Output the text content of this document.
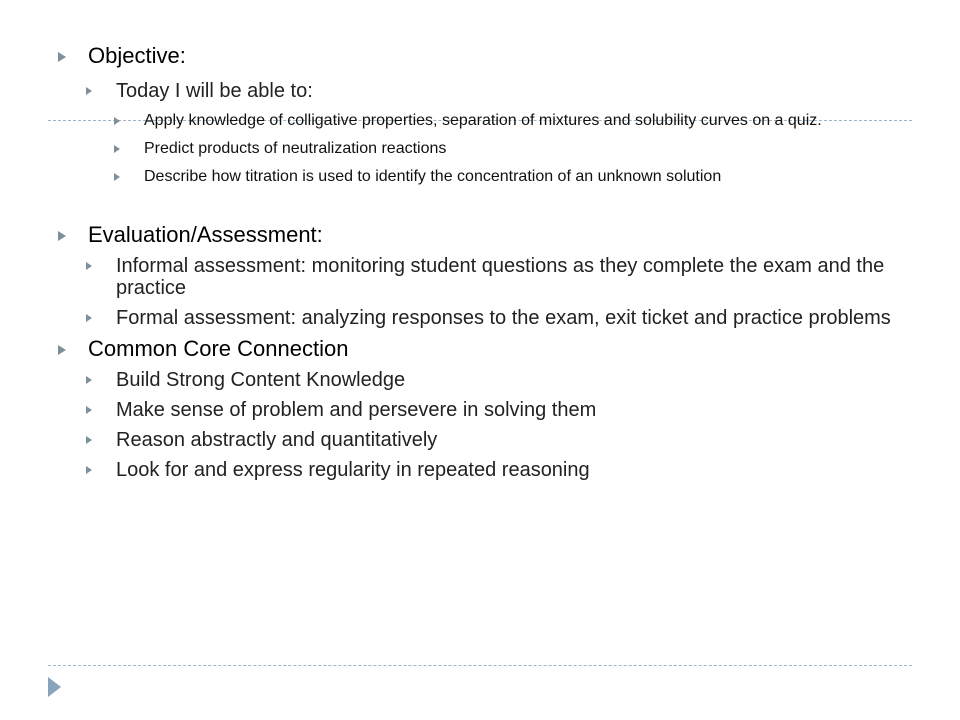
Objective:
Today I will be able to:
Apply knowledge of colligative properties, separation of mixtures and solubility curves on a quiz.
Predict products of neutralization reactions
Describe how titration is used to identify the concentration of an unknown solution
Evaluation/Assessment:
Informal assessment: monitoring student questions as they complete the exam and the practice
Formal assessment: analyzing responses to the exam, exit ticket and practice problems
Common Core Connection
Build Strong Content Knowledge
Make sense of problem and persevere in solving them
Reason abstractly and quantitatively
Look for and express regularity in repeated reasoning
